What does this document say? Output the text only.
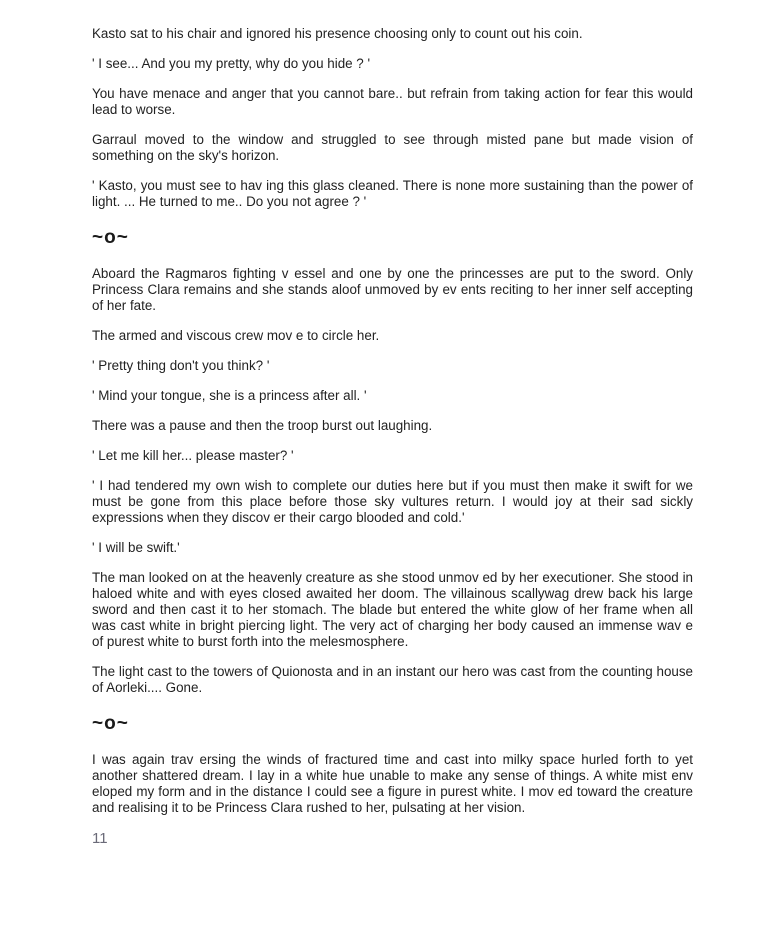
Kasto sat to his chair and ignored his presence choosing only to count out his coin.

' I see... And you my pretty, why do you hide ? '

You have menace and anger that you cannot bare.. but refrain from taking action for fear this would lead to worse.

Garraul moved to the window and struggled to see through misted pane but made vision of something on the sky's horizon.

' Kasto, you must see to hav ing this glass cleaned. There is none more sustaining than the power of light. ... He turned to me.. Do you not agree ? '

~o~

Aboard the Ragmaros fighting v essel and one by one the princesses are put to the sword. Only Princess Clara remains and she stands aloof unmoved by ev ents reciting to her inner self accepting of her fate.

The armed and viscous crew mov e to circle her.

' Pretty thing don't you think? '

' Mind your tongue, she is a princess after all. '

There was a pause and then the troop burst out laughing.

' Let me kill her... please master? '

' I had tendered my own wish to complete our duties here but if you must then make it swift for we must be gone from this place before those sky vultures return. I would joy at their sad sickly expressions when they discov er their cargo blooded and cold.'

' I will be swift.'

The man looked on at the heavenly creature as she stood unmov ed by her executioner. She stood in haloed white and with eyes closed awaited her doom. The villainous scallywag drew back his large sword and then cast it to her stomach. The blade but entered the white glow of her frame when all was cast white in bright piercing light. The very act of charging her body caused an immense wav e of purest white to burst forth into the melesmosphere.

The light cast to the towers of Quionosta and in an instant our hero was cast from the counting house of Aorleki.... Gone.

~o~

I was again trav ersing the winds of fractured time and cast into milky space hurled forth to yet another shattered dream. I lay in a white hue unable to make any sense of things. A white mist env eloped my form and in the distance I could see a figure in purest white. I mov ed toward the creature and realising it to be Princess Clara rushed to her, pulsating at her vision.

11
